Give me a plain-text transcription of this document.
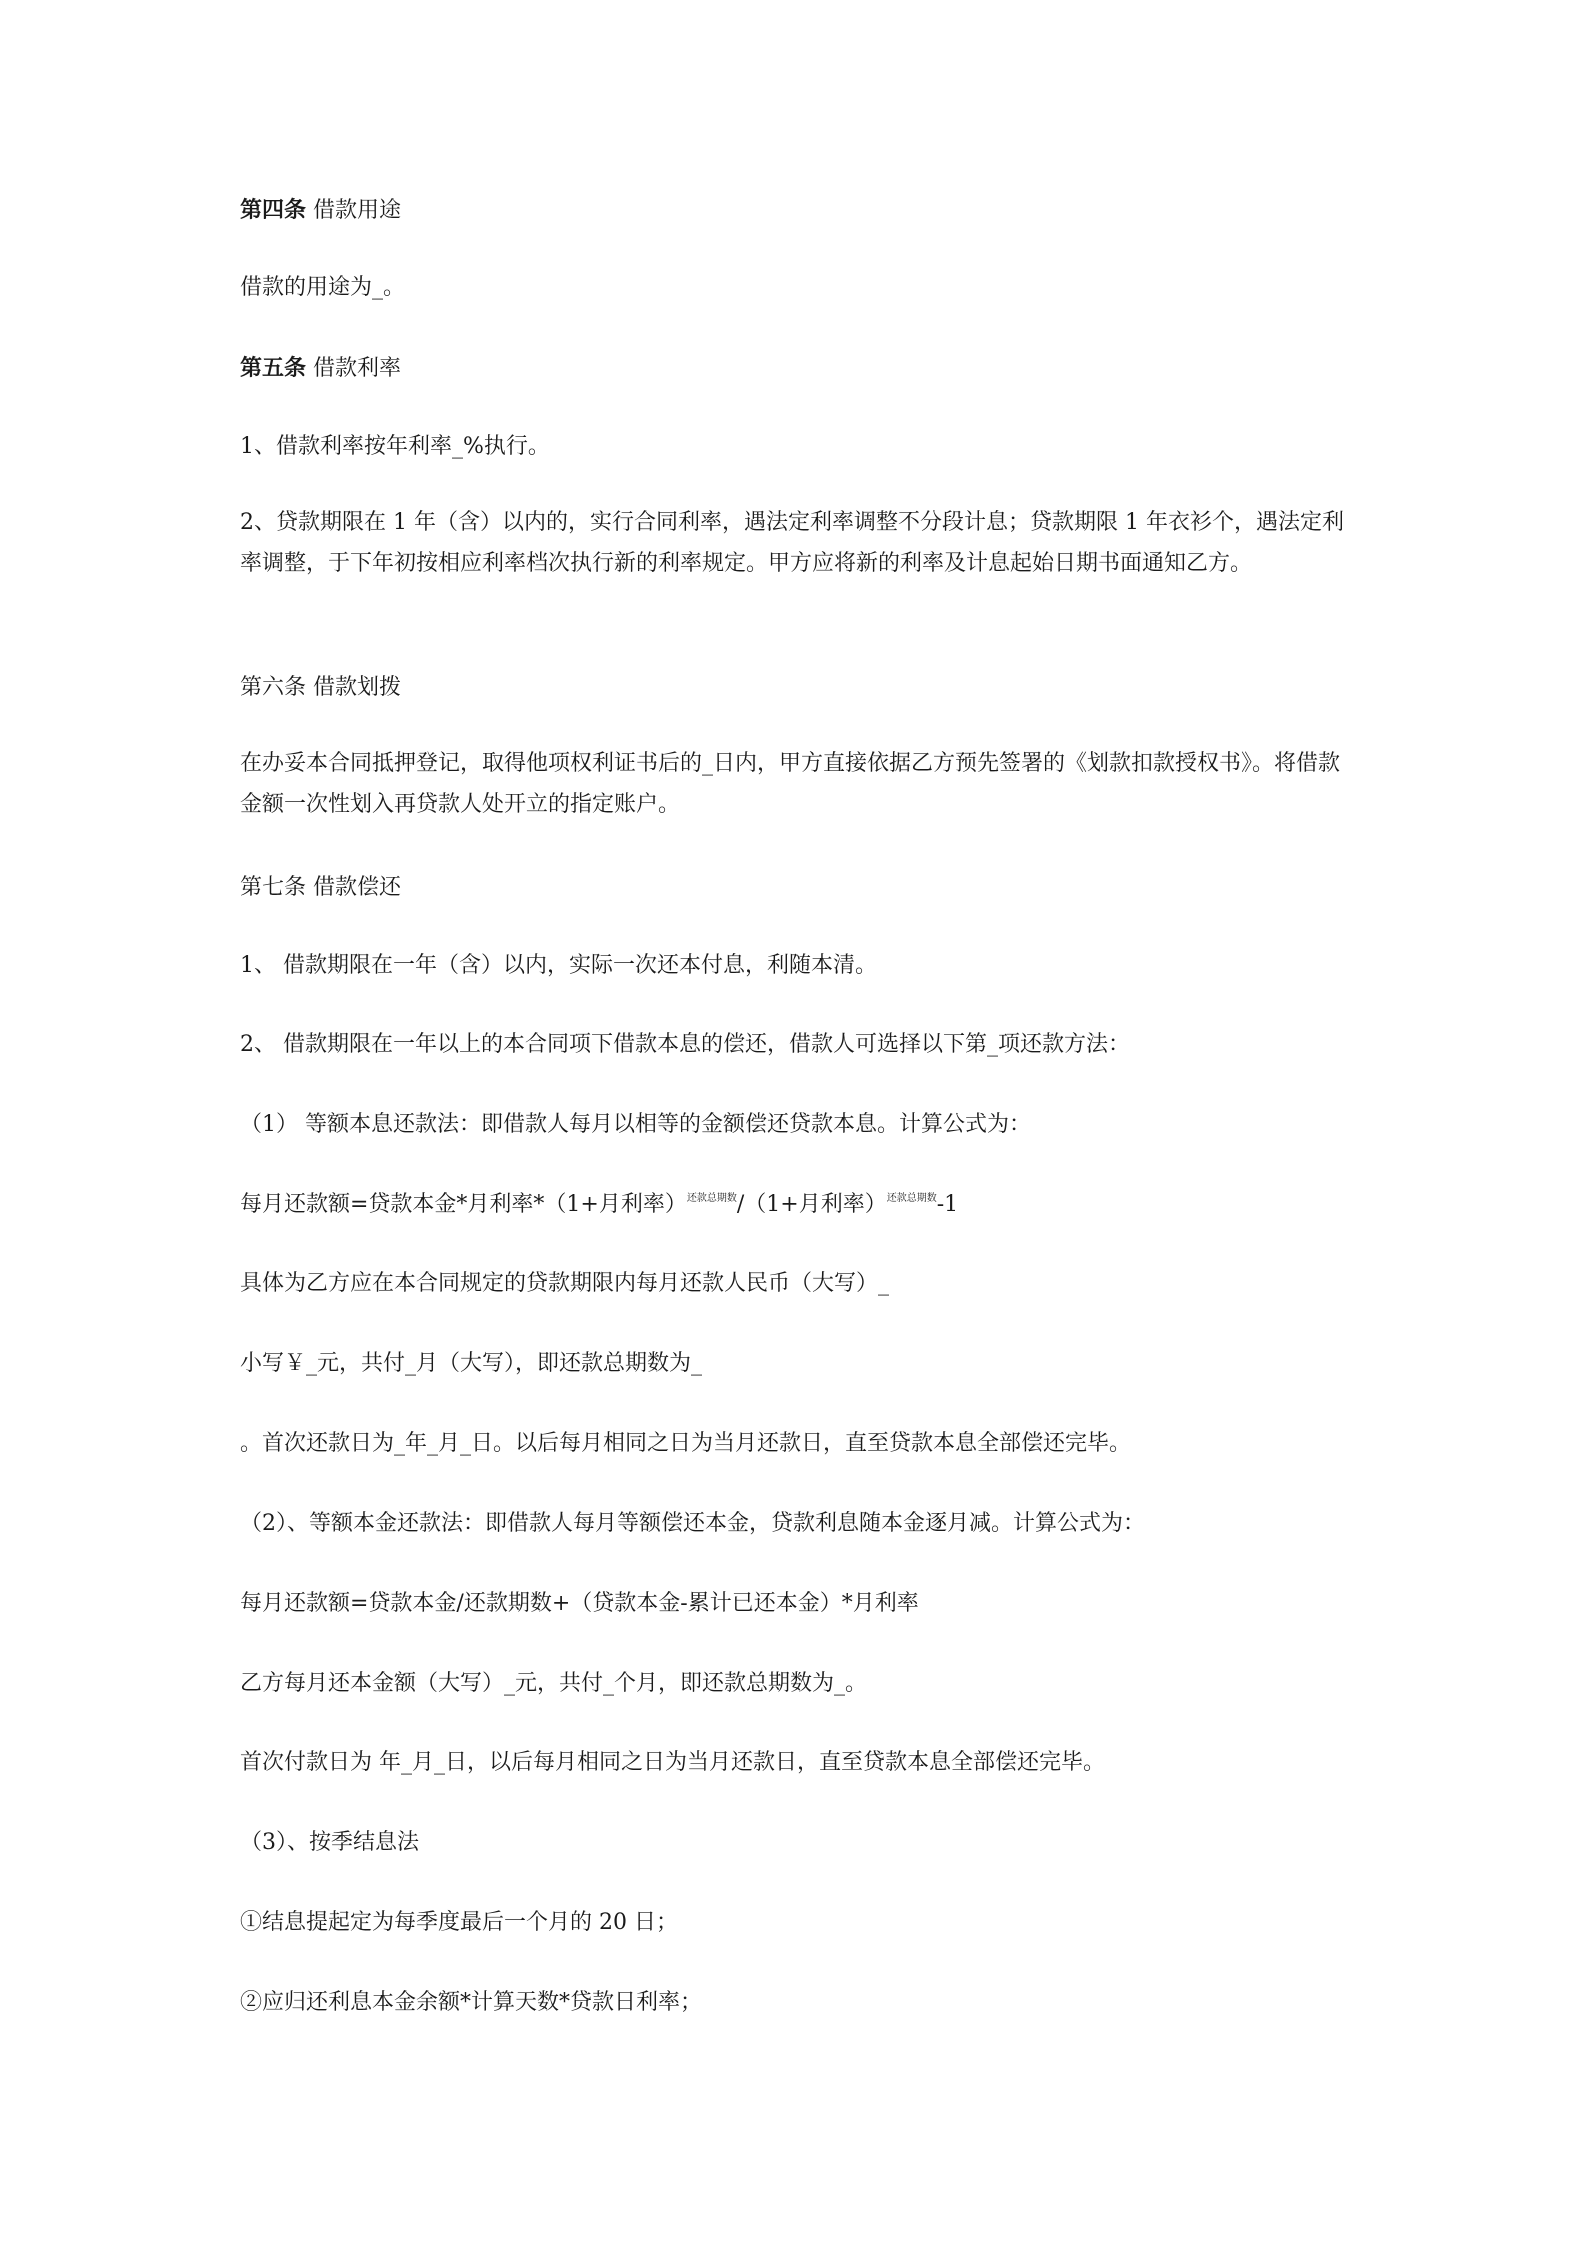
第四条 借款用途

借款的用途为_。

第五条 借款利率

1、借款利率按年利率_%执行。

2、贷款期限在 1 年（含）以内的，实行合同利率，遇法定利率调整不分段计息；贷款期限 1 年衣衫个，遇法定利率调整，于下年初按相应利率档次执行新的利率规定。甲方应将新的利率及计息起始日期书面通知乙方。

第六条 借款划拨

在办妥本合同抵押登记，取得他项权利证书后的_日内，甲方直接依据乙方预先签署的《划款扣款授权书》。将借款金额一次性划入再贷款人处开立的指定账户。

第七条 借款偿还

1、 借款期限在一年（含）以内，实际一次还本付息，利随本清。

2、 借款期限在一年以上的本合同项下借款本息的偿还，借款人可选择以下第_项还款方法：

（1） 等额本息还款法：即借款人每月以相等的金额偿还贷款本息。计算公式为：

每月还款额=贷款本金*月利率*（1+月利率）$^{还款总期数}$/（1+月利率）$^{还款总期数}$-1

具体为乙方应在本合同规定的贷款期限内每月还款人民币（大写）_

小写￥_元，共付_月（大写），即还款总期数为_

。首次还款日为_年_月_日。以后每月相同之日为当月还款日，直至贷款本息全部偿还完毕。

（2）、等额本金还款法：即借款人每月等额偿还本金，贷款利息随本金逐月减。计算公式为：

每月还款额=贷款本金/还款期数+（贷款本金-累计已还本金）*月利率

乙方每月还本金额（大写）_元，共付_个月，即还款总期数为_。

首次付款日为 年_月_日，以后每月相同之日为当月还款日，直至贷款本息全部偿还完毕。

（3）、按季结息法

①结息提起定为每季度最后一个月的 20 日；

②应归还利息本金余额*计算天数*贷款日利率；
